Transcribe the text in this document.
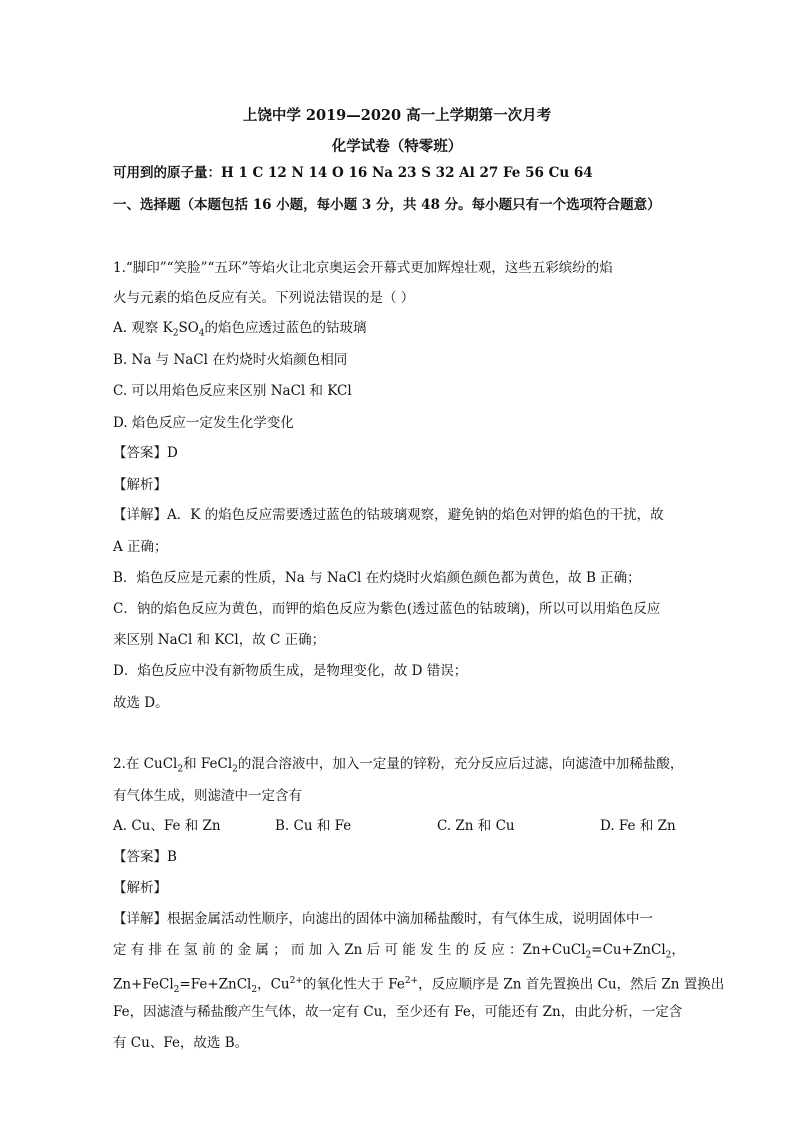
上饶中学 2019—2020 高一上学期第一次月考
化学试卷（特零班）
可用到的原子量：H 1 C 12 N 14 O 16 Na 23 S 32 Al 27 Fe 56 Cu 64
一、选择题（本题包括 16 小题，每小题 3 分，共 48 分。每小题只有一个选项符合题意）
1.“脚印”“笑脸”“五环”等焰火让北京奥运会开幕式更加辉煌壮观，这些五彩缤纷的焰
火与元素的焰色反应有关。下列说法错误的是（ ）
A. 观察 $K_2SO_4$的焰色应透过蓝色的钴玻璃
B. Na 与 NaCl 在灼烧时火焰颜色相同
C. 可以用焰色反应来区别 NaCl 和 KCl
D. 焰色反应一定发生化学变化
【答案】D
【解析】
【详解】A．K 的焰色反应需要透过蓝色的钴玻璃观察，避免钠的焰色对钾的焰色的干扰，故
A 正确；
B．焰色反应是元素的性质，Na 与 NaCl 在灼烧时火焰颜色颜色都为黄色，故 B 正确；
C．钠的焰色反应为黄色，而钾的焰色反应为紫色(透过蓝色的钴玻璃)，所以可以用焰色反应
来区别 NaCl 和 KCl，故 C 正确；
D．焰色反应中没有新物质生成，是物理变化，故 D 错误；
故选 D。
2.在 CuCl$_2$和 FeCl$_2$的混合溶液中，加入一定量的锌粉，充分反应后过滤，向滤渣中加稀盐酸，
有气体生成，则滤渣中一定含有
A. Cu、Fe 和 Zn	B. Cu 和 Fe	C. Zn 和 Cu	D. Fe 和 Zn
【答案】B
【解析】
【详解】根据金属活动性顺序，向滤出的固体中滴加稀盐酸时，有气体生成，说明固体中一
定 有 排 在 氢 前 的 金 属 ； 而 加 入 Zn 后 可 能 发 生 的 反 应 ：Zn+CuCl$_2$=Cu+ZnCl$_2$，
Zn+FeCl$_2$=Fe+ZnCl$_2$，$Cu^{2+}$的氧化性大于 $Fe^{2+}$，反应顺序是 Zn 首先置换出 Cu，然后 Zn 置换出
Fe，因滤渣与稀盐酸产生气体，故一定有 Cu，至少还有 Fe，可能还有 Zn，由此分析，一定含
有 Cu、Fe，故选 B。
